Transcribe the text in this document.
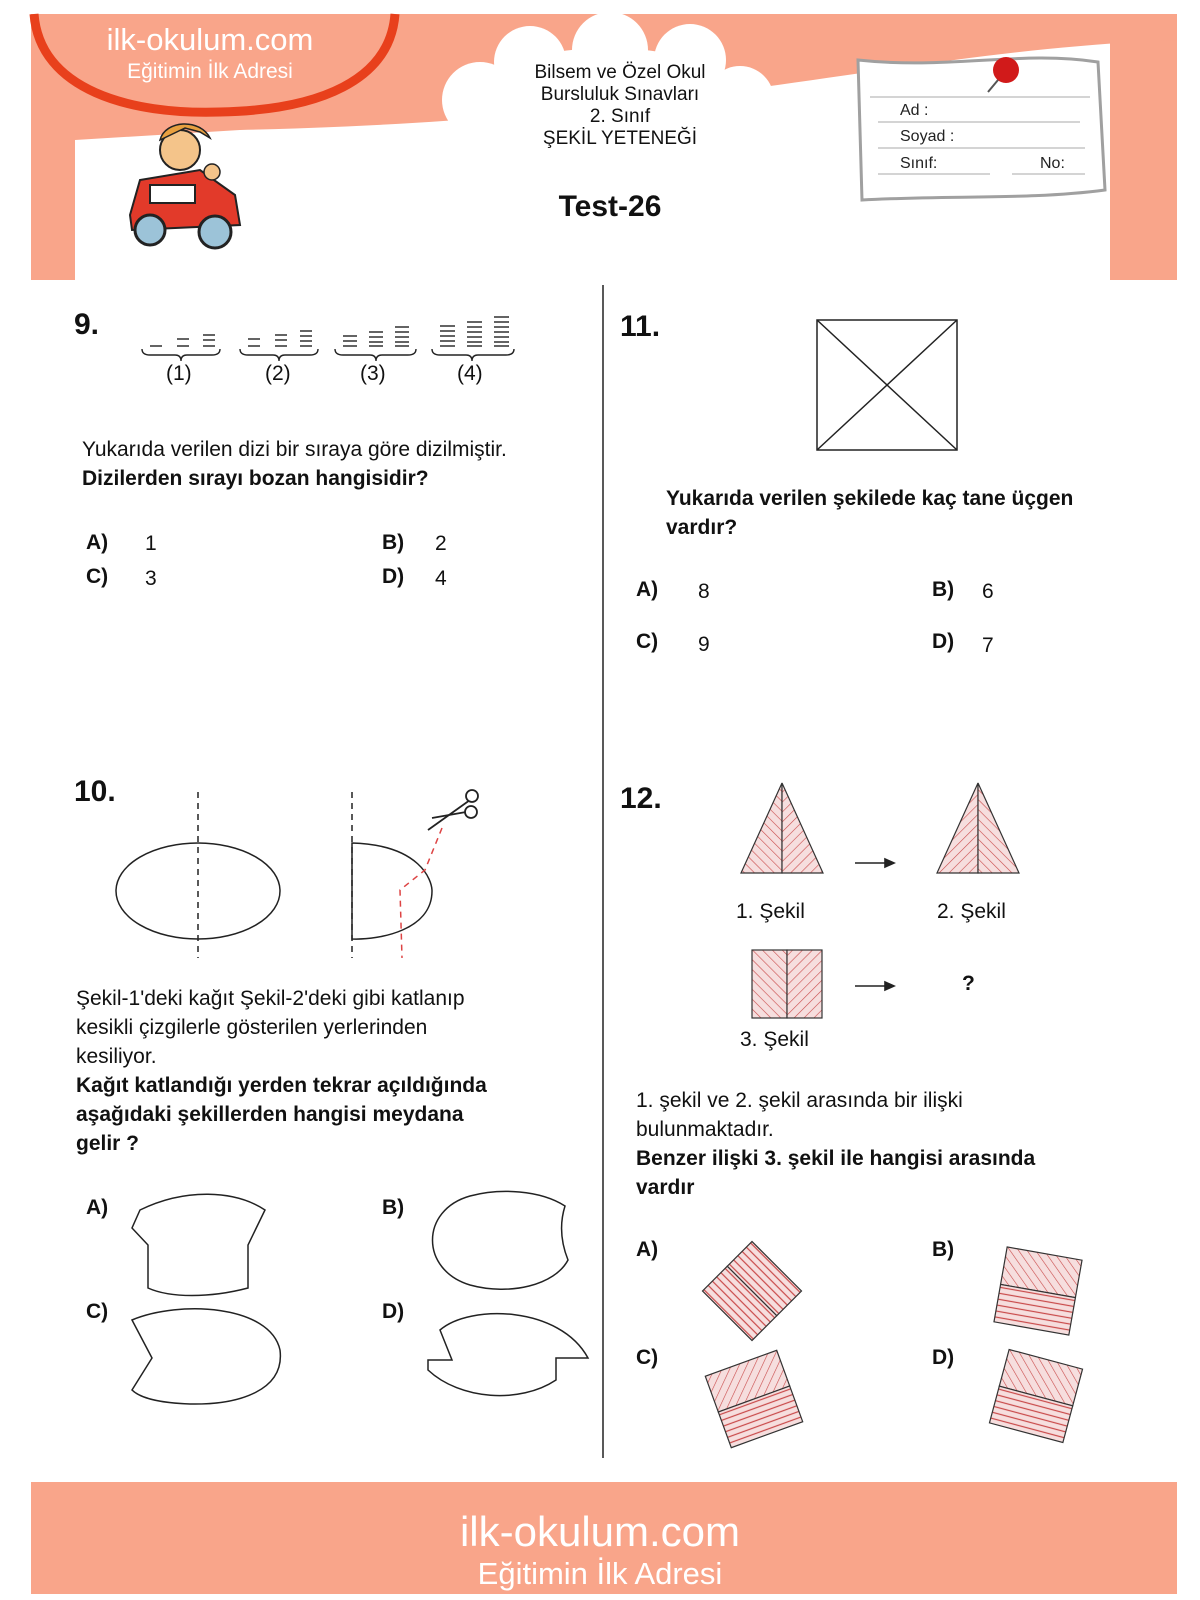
ilk-okulum.com
Eğitimin İlk Adresi	Bilsem ve Özel Okul
Bursluluk Sınavları
2. Sınıf
ŞEKİL YETENEĞİ
Test-26
Ad :
Soyad :
Sınıf:	No:
9.
(1)	(2)	(3)	(4)
Yukarıda verilen dizi bir sıraya göre dizilmiştir.
Dizilerden sırayı bozan hangisidir?
A) 1	B) 2
C) 3	D) 4
11.
Yukarıda verilen şekilede kaç tane üçgen
vardır?
A) 8	B) 6
C) 9	D) 7
10.
Şekil-1'deki kağıt Şekil-2'deki gibi katlanıp
kesikli çizgilerle gösterilen yerlerinden
kesiliyor.
Kağıt katlandığı yerden tekrar açıldığında
aşağıdaki şekillerden hangisi meydana
gelir ?
A)	B)
C)	D)
12.
1. Şekil	2. Şekil
3. Şekil
?
1. şekil ve 2. şekil arasında bir ilişki
bulunmaktadır.
Benzer ilişki 3. şekil ile hangisi arasında
vardır
A)	B)
C)	D)
ilk-okulum.com
Eğitimin İlk Adresi
